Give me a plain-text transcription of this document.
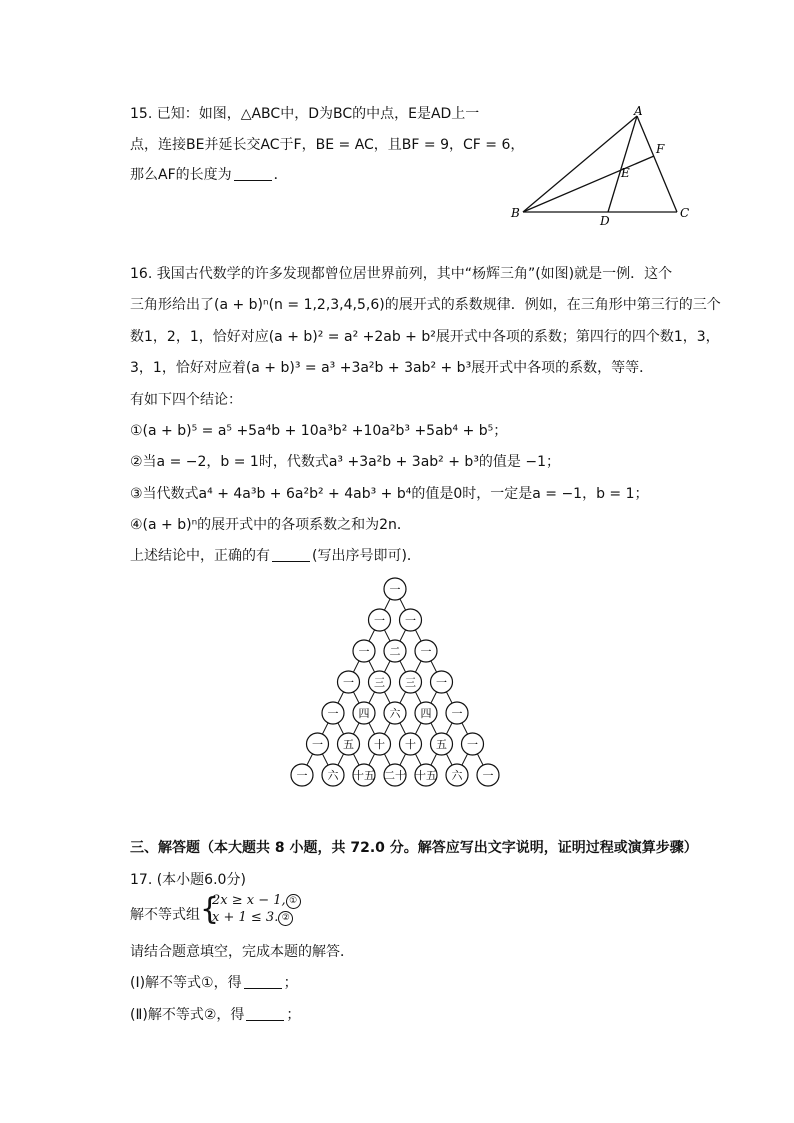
15. 已知：如图，△ABC中，D为BC的中点，E是AD上一
点，连接BE并延长交AC于F，BE = AC，且BF = 9，CF = 6，
那么AF的长度为	．
A
B	C
D
E
F
16. 我国古代数学的许多发现都曾位居世界前列，其中“杨辉三角”(如图)就是一例．这个
三角形给出了(a + b)ⁿ(n = 1,2,3,4,5,6)的展开式的系数规律．例如，在三角形中第三行的三个
数1，2，1，恰好对应(a + b)² = a² +2ab + b²展开式中各项的系数；第四行的四个数1，3，
3，1，恰好对应着(a + b)³ = a³ +3a²b + 3ab² + b³展开式中各项的系数，等等．
有如下四个结论：
①(a + b)⁵ = a⁵ +5a⁴b + 10a³b² +10a²b³ +5ab⁴ + b⁵；
②当a = −2，b = 1时，代数式a³ +3a²b + 3ab² + b³的值是 −1；
③当代数式a⁴ + 4a³b + 6a²b² + 4ab³ + b⁴的值是0时，一定是a = −1，b = 1；
④(a + b)ⁿ的展开式中的各项系数之和为2n．
上述结论中，正确的有	(写出序号即可)．
一
一 一
一 二 一
一 三 三 一
一 四 六 四 一
一 五 十 十 五 一
一 六 十五 二十 十五 六 一
三、解答题（本大题共 8 小题，共 72.0 分。解答应写出文字说明，证明过程或演算步骤）
17. (本小题6.0分)
解不等式组 {
2x ≥ x − 1, ①
x + 1 ≤ 3. ②
请结合题意填空，完成本题的解答．
(Ⅰ)解不等式①，得	；
(Ⅱ)解不等式②，得	；
